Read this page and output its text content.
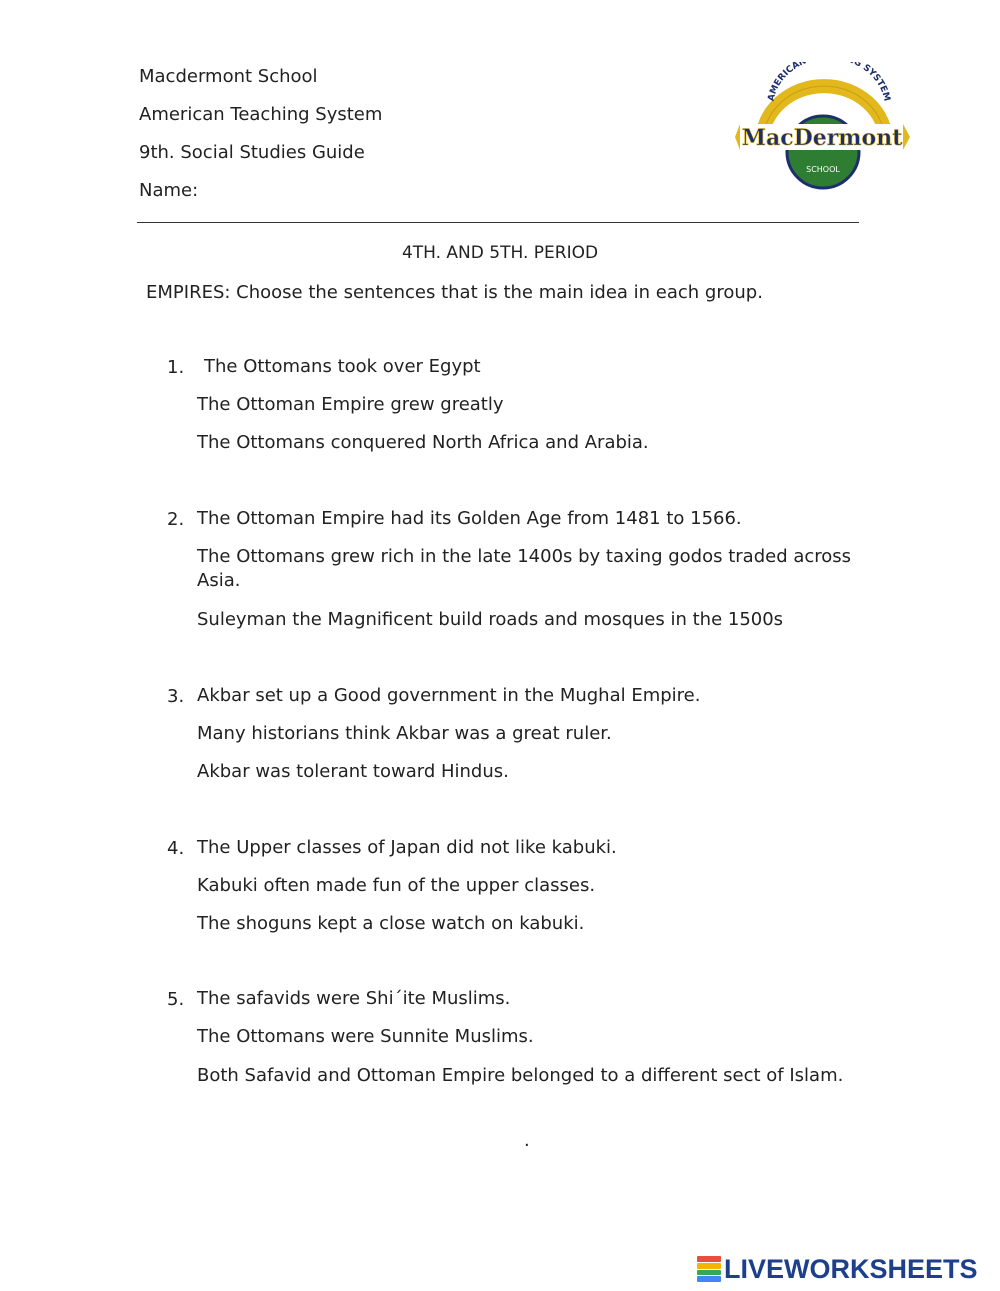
Macdermont School
American Teaching System
9th. Social Studies Guide
Name:
AMERICAN G SYSTEM
MacDermont
SCHOOL
4TH. AND 5TH. PERIOD
EMPIRES: Choose the sentences that is the main idea in each group.
1. The Ottomans took over Egypt
The Ottoman Empire grew greatly
The Ottomans conquered North Africa and Arabia.
2. The Ottoman Empire had its Golden Age from 1481 to 1566.
The Ottomans grew rich in the late 1400s by taxing godos traded across Asia.
Suleyman the Magnificent build roads and mosques in the 1500s
3. Akbar set up a Good government in the Mughal Empire.
Many historians think Akbar was a great ruler.
Akbar was tolerant toward Hindus.
4. The Upper classes of Japan did not like kabuki.
Kabuki often made fun of the upper classes.
The shoguns kept a close watch on kabuki.
5. The safavids were Shi´ite Muslims.
The Ottomans were Sunnite Muslims.
Both Safavid and Ottoman Empire belonged to a different sect of Islam.
.
LIVEWORKSHEETS
